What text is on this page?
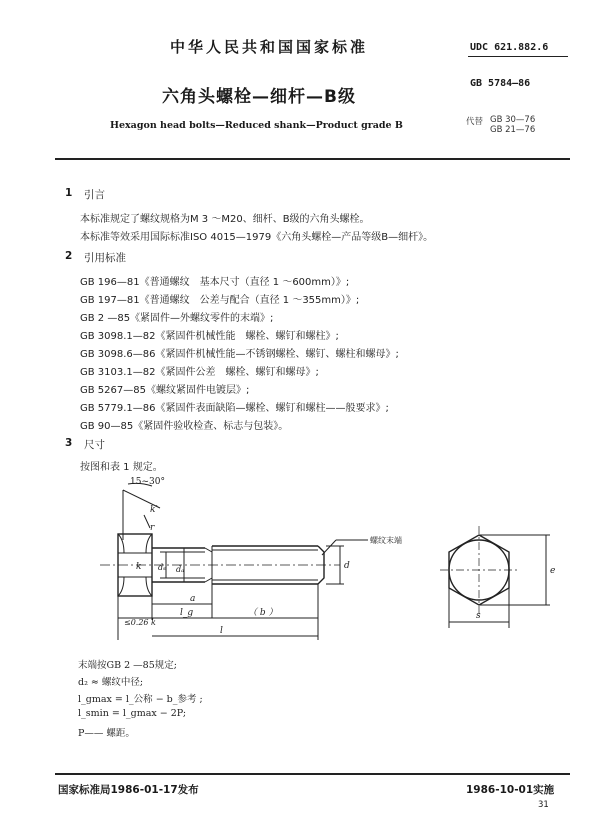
中华人民共和国国家标准	UDC 621.882.6
六角头螺栓—细杆—B级
GB 5784—86
Hexagon head bolts—Reduced shank—Product grade B	代替 GB 30—76
GB 21—76
1 引言
本标准规定了螺纹规格为M 3 ～M20、细杆、B级的六角头螺栓。
本标准等效采用国际标准ISO 4015—1979《六角头螺栓—产品等级B—细杆》。
2 引用标准
GB 196—81《普通螺纹　基本尺寸（直径 1 ～600mm）》;
GB 197—81《普通螺纹　公差与配合（直径 1 ～355mm）》;
GB 2 —85《紧固件—外螺纹零件的末端》;
GB 3098.1—82《紧固件机械性能　螺栓、螺钉和螺柱》;
GB 3098.6—86《紧固件机械性能—不锈钢螺栓、螺钉、螺柱和螺母》;
GB 3103.1—82《紧固件公差　螺栓、螺钉和螺母》;
GB 5267—85《螺纹紧固件电镀层》;
GB 5779.1—86《紧固件表面缺陷—螺栓、螺钉和螺柱——般要求》;
GB 90—85《紧固件验收检查、标志与包装》。
3 尺寸
按图和表 1 规定。
15~30°
k′
r
螺纹末端
d
dₛ dₐ
≤0.26 k
a
l_g	（ b ）
l
s
e
k
末端按GB 2 —85规定;
d₂ ≈ 螺纹中径;
l_gmax = l_公称 − b_参考 ;
l_smin = l_gmax − 2P;
P—— 螺距。
国家标准局1986-01-17发布	1986-10-01实施
31
